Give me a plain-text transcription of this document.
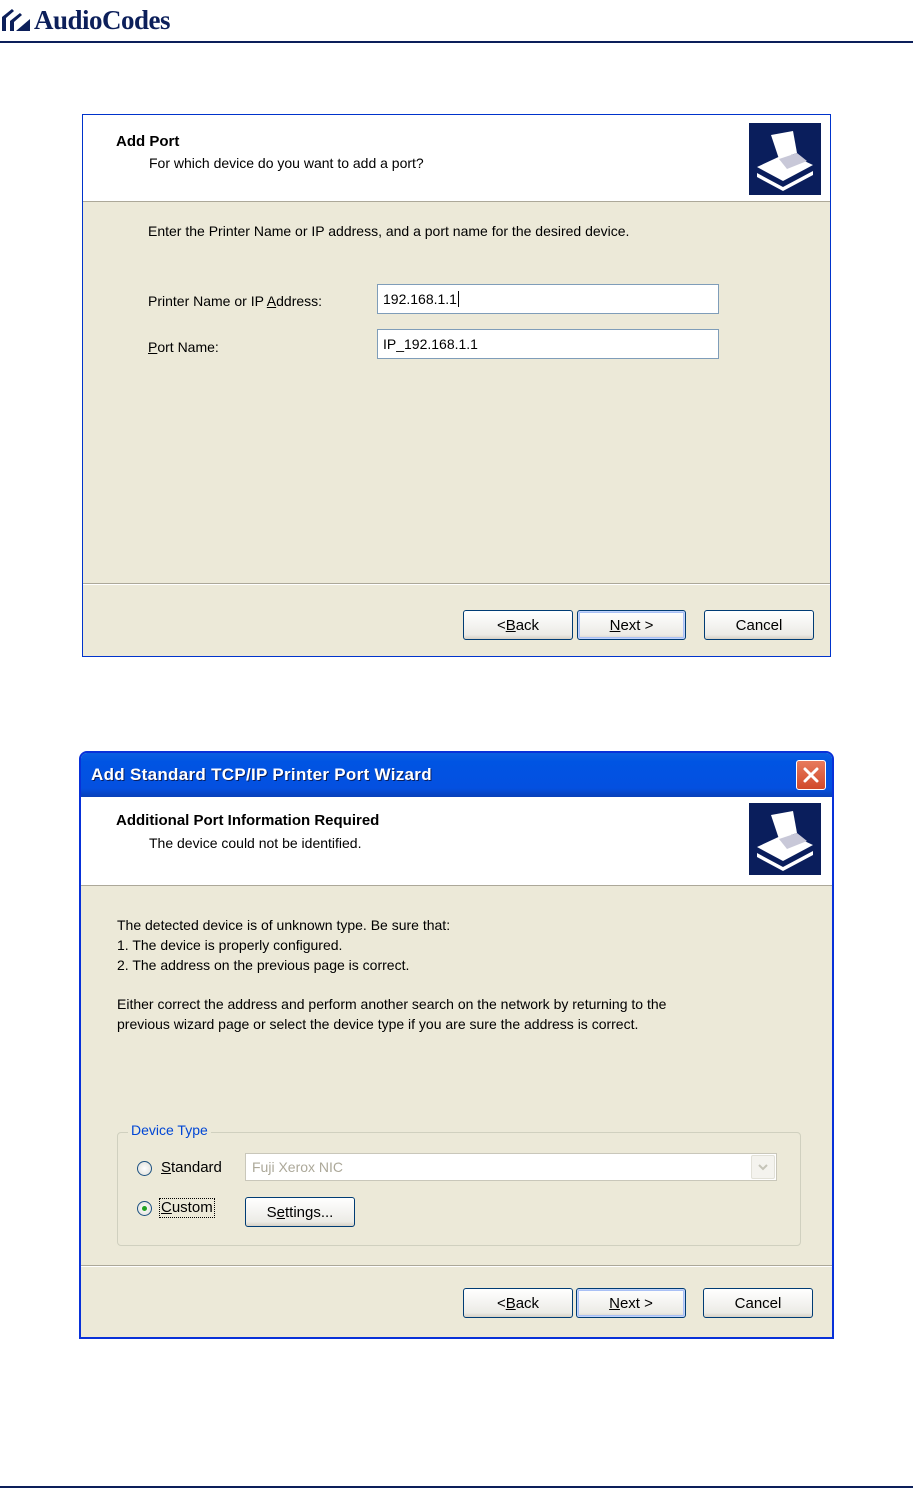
AudioCodes
Add Port
For which device do you want to add a port?
Enter the Printer Name or IP address, and a port name for the desired device.
Printer Name or IP Address:	192.168.1.1
Port Name:	IP_192.168.1.1
< B ack	N ext >	Cancel
Add Standard TCP/IP Printer Port Wizard
Additional Port Information Required
The device could not be identified.
The detected device is of unknown type. Be sure that:
1. The device is properly configured.
2. The address on the previous page is correct.
Either correct the address and perform another search on the network by returning to the
previous wizard page or select the device type if you are sure the address is correct.
Device Type
Standard Fuji Xerox NIC
Custom	S e ttings...
< B ack	N ext >	Cancel
